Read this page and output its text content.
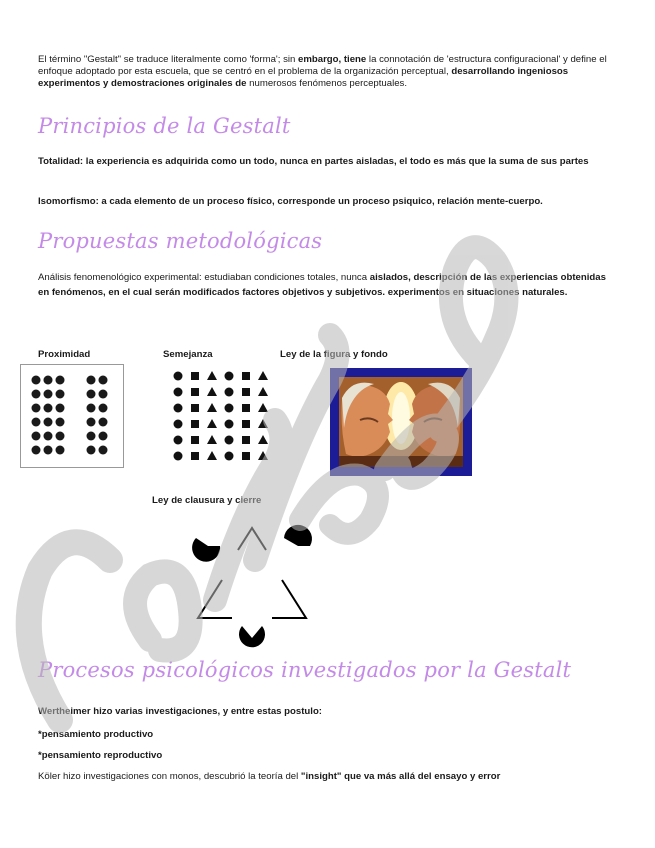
El término "Gestalt" se traduce literalmente como 'forma'; sin embargo, tiene la connotación de 'estructura configuracional' y define el enfoque adoptado por esta escuela, que se centró en el problema de la organización perceptual, desarrollando ingeniosos experimentos y demostraciones originales de numerosos fenómenos perceptuales.

Principios de la Gestalt

Totalidad: la experiencia es adquirida como un todo, nunca en partes aisladas, el todo es más que la suma de sus partes

Isomorfismo: a cada elemento de un proceso físico, corresponde un proceso psiquico, relación mente-cuerpo.

Propuestas metodológicas

Análisis fenomenológico experimental: estudiaban condiciones totales, nunca aislados, descripción de las experiencias obtenidas en fenómenos, en el cual serán modificados factores objetivos y subjetivos. experimentos en situaciones naturales.

Proximidad	Semejanza	Ley de la figura y fondo
Ley de clausura y cierre
Procesos psicológicos investigados por la Gestalt

Wertheimer hizo varias investigaciones, y entre estas postulo:

*pensamiento productivo

*pensamiento reproductivo

Köler hizo investigaciones con monos, descubrió la teoría del "insight" que va más allá del ensayo y error
